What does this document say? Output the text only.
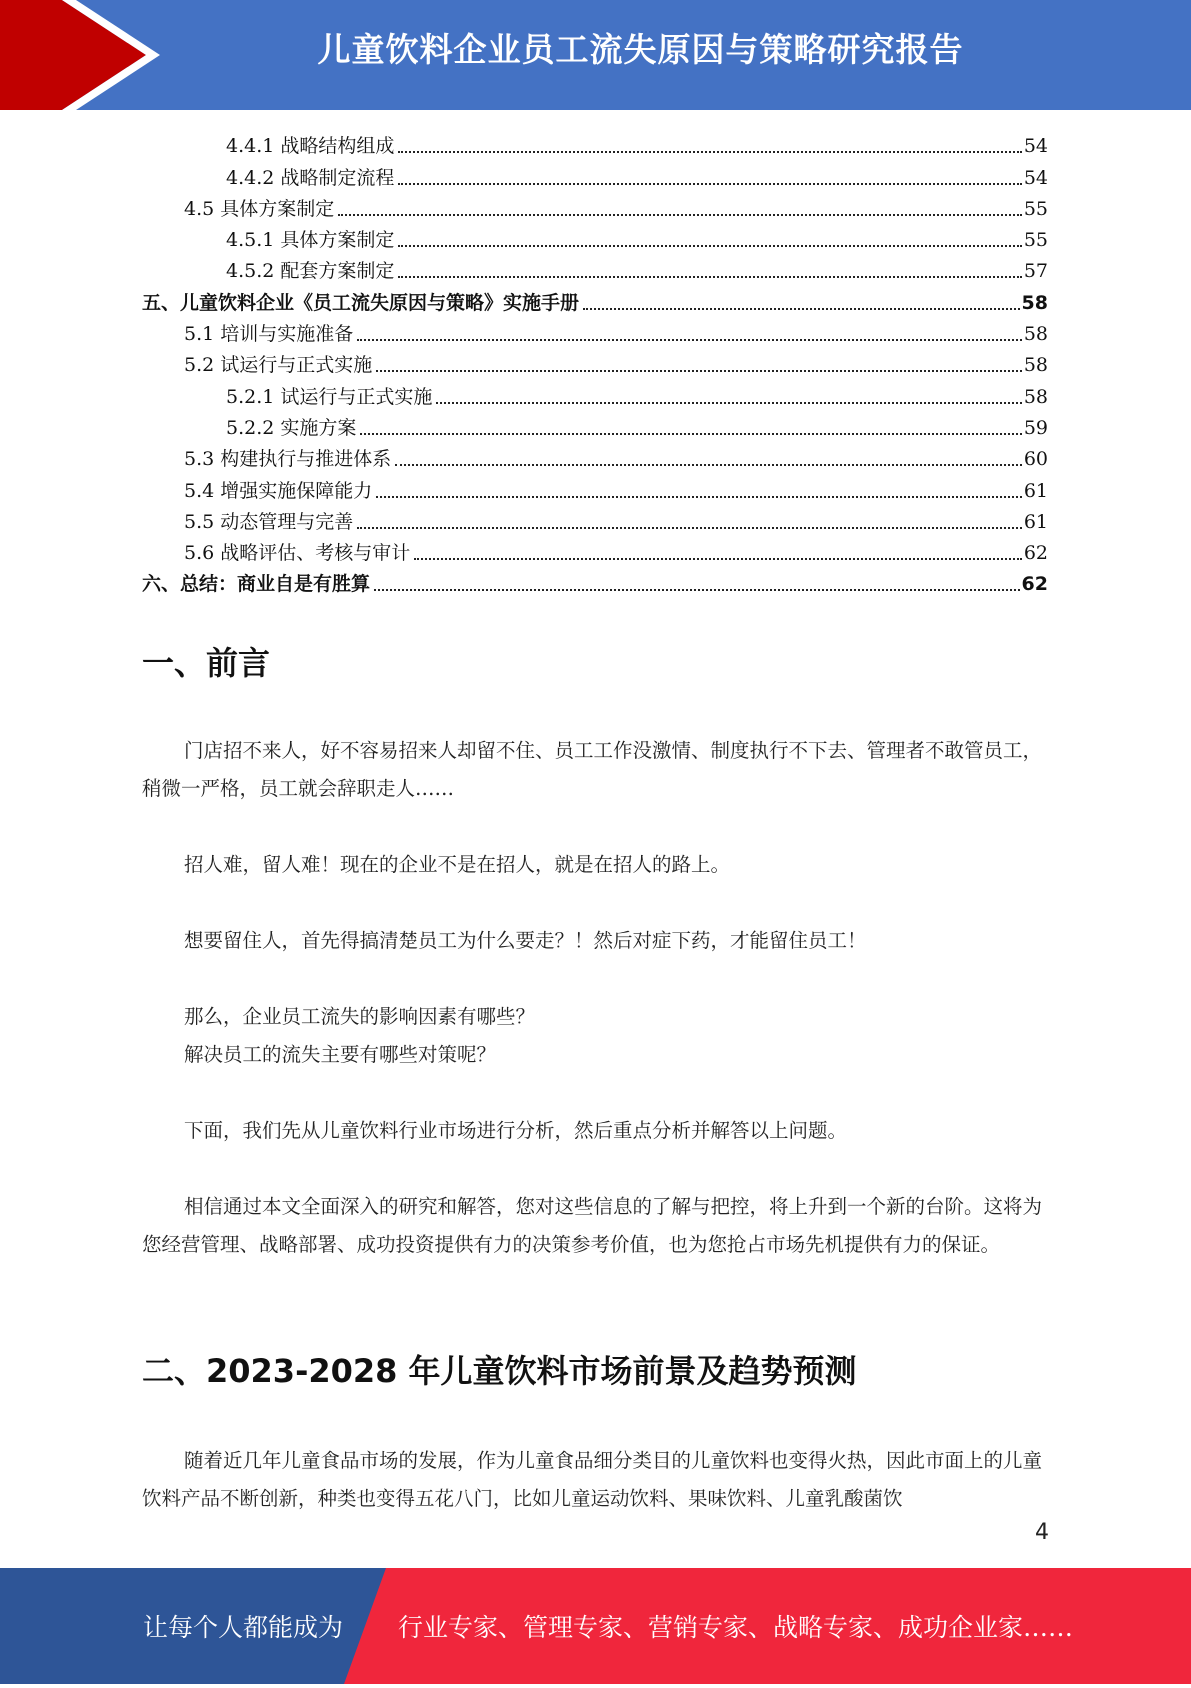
儿童饮料企业员工流失原因与策略研究报告
4.4.1 战略结构组成	54
4.4.2 战略制定流程	54
4.5 具体方案制定	55
4.5.1 具体方案制定	55
4.5.2 配套方案制定	57
五、儿童饮料企业《员工流失原因与策略》实施手册	58
5.1 培训与实施准备	58
5.2 试运行与正式实施	58
5.2.1 试运行与正式实施	58
5.2.2 实施方案	59
5.3 构建执行与推进体系	60
5.4 增强实施保障能力	61
5.5 动态管理与完善	61
5.6 战略评估、考核与审计	62
六、总结：商业自是有胜算	62
一、前言
门店招不来人，好不容易招来人却留不住、员工工作没激情、制度执行不下去、管理者不敢管员工，稍微一严格，员工就会辞职走人……
招人难，留人难！现在的企业不是在招人，就是在招人的路上。
想要留住人，首先得搞清楚员工为什么要走？！然后对症下药，才能留住员工！
那么，企业员工流失的影响因素有哪些？
解决员工的流失主要有哪些对策呢？
下面，我们先从儿童饮料行业市场进行分析，然后重点分析并解答以上问题。
相信通过本文全面深入的研究和解答，您对这些信息的了解与把控，将上升到一个新的台阶。这将为您经营管理、战略部署、成功投资提供有力的决策参考价值，也为您抢占市场先机提供有力的保证。
二、2023-2028 年儿童饮料市场前景及趋势预测
随着近几年儿童食品市场的发展，作为儿童食品细分类目的儿童饮料也变得火热，因此市面上的儿童饮料产品不断创新，种类也变得五花八门，比如儿童运动饮料、果味饮料、儿童乳酸菌饮
4
让每个人都能成为 行业专家、管理专家、营销专家、战略专家、成功企业家……
